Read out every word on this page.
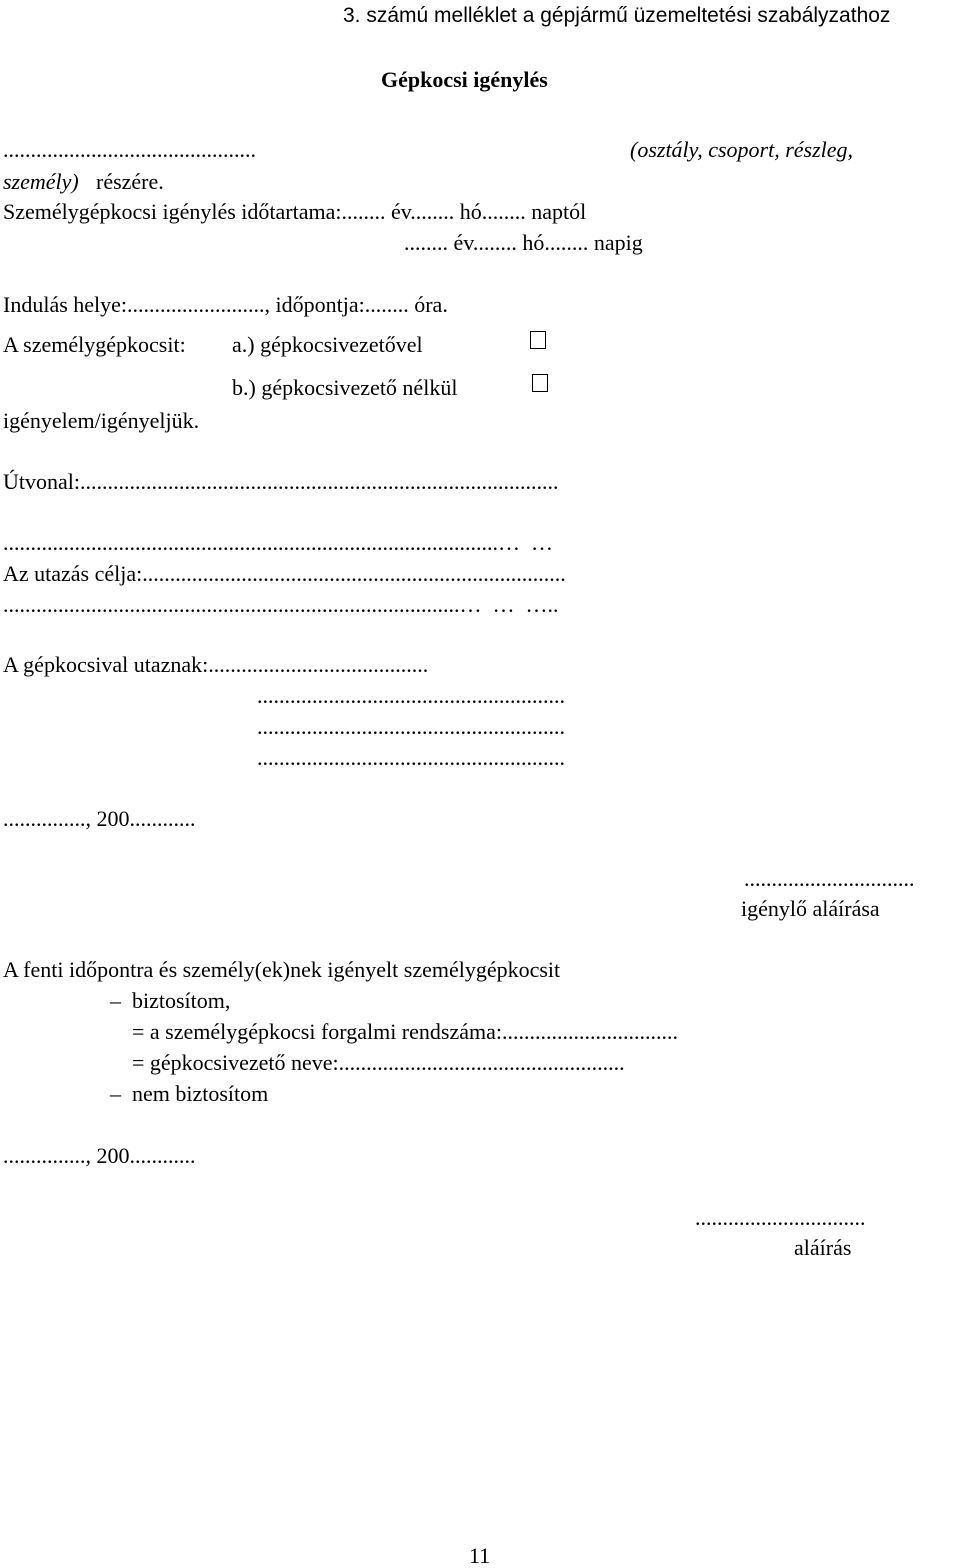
3. számú melléklet a gépjármű üzemeltetési szabályzathoz
Gépkocsi igénylés
..............................................	(osztály, csoport, részleg,
személy) részére.
Személygépkocsi igénylés időtartama:........ év........ hó........ naptól
........ év........ hó........ napig
Indulás helye:........................., időpontja:........ óra.
A személygépkocsit: a.) gépkocsivezetővel
b.) gépkocsivezető nélkül
igényelem/igényeljük.
Útvonal:.......................................................................................
..........................................................................................…  …
Az utazás célja:.............................................................................
...................................................................................…  …  …..
A gépkocsival utaznak:........................................
........................................................
........................................................
........................................................
..............., 200............
...............................
igénylő aláírása
A fenti időpontra és személy(ek)nek igényelt személygépkocsit
– biztosítom,
= a személygépkocsi forgalmi rendszáma:................................
= gépkocsivezető neve:....................................................
– nem biztosítom
..............., 200............
...............................
aláírás
11
